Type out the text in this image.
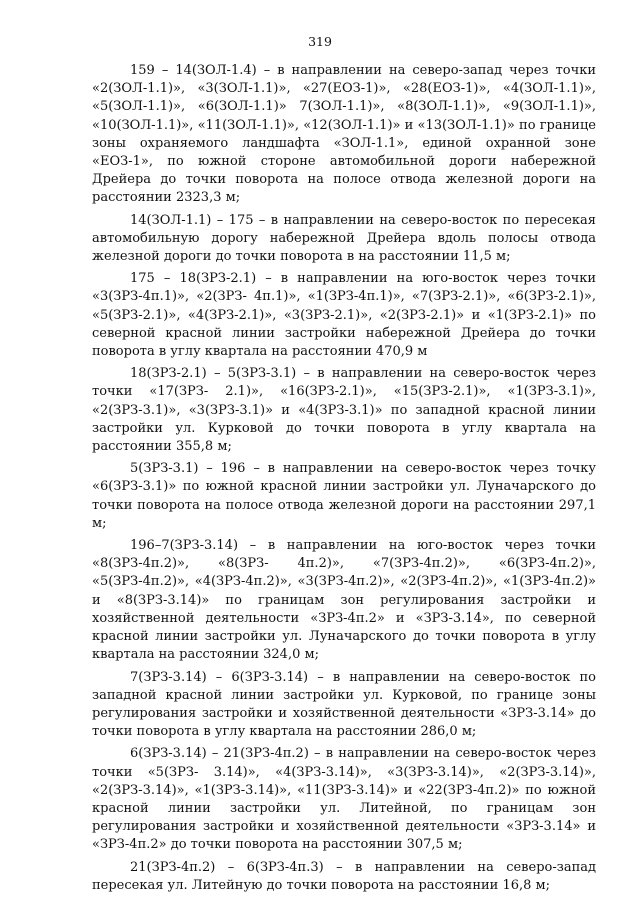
319

159 – 14(ЗОЛ-1.4) – в направлении на северо-запад через точки «2(ЗОЛ-1.1)», «3(ЗОЛ-1.1)», «27(ЕОЗ-1)», «28(ЕОЗ-1)», «4(ЗОЛ-1.1)», «5(ЗОЛ-1.1)», «6(ЗОЛ-1.1)» 7(ЗОЛ-1.1)», «8(ЗОЛ-1.1)», «9(ЗОЛ-1.1)», «10(ЗОЛ-1.1)», «11(ЗОЛ-1.1)», «12(ЗОЛ-1.1)» и «13(ЗОЛ-1.1)» по границе зоны охраняемого ландшафта «ЗОЛ-1.1», единой охранной зоне «ЕОЗ-1», по южной стороне автомобильной дороги набережной Дрейера до точки поворота на полосе отвода железной дороги на расстоянии 2323,3 м;

14(ЗОЛ-1.1) – 175 – в направлении на северо-восток по пересекая автомобильную дорогу набережной Дрейера вдоль полосы отвода железной дороги до точки поворота в на расстоянии 11,5 м;

175 – 18(ЗРЗ-2.1) – в направлении на юго-восток через точки «3(ЗРЗ-4п.1)», «2(ЗРЗ- 4п.1)», «1(ЗРЗ-4п.1)», «7(ЗРЗ-2.1)», «6(ЗРЗ-2.1)», «5(ЗРЗ-2.1)», «4(ЗРЗ-2.1)», «3(ЗРЗ-2.1)», «2(ЗРЗ-2.1)» и «1(ЗРЗ-2.1)» по северной красной линии застройки набережной Дрейера до точки поворота в углу квартала на расстоянии 470,9 м

18(ЗРЗ-2.1) – 5(ЗРЗ-3.1) – в направлении на северо-восток через точки «17(ЗРЗ- 2.1)», «16(ЗРЗ-2.1)», «15(ЗРЗ-2.1)», «1(ЗРЗ-3.1)», «2(ЗРЗ-3.1)», «3(ЗРЗ-3.1)» и «4(ЗРЗ-3.1)» по западной красной линии застройки ул. Курковой до точки поворота в углу квартала на расстоянии 355,8 м;

5(ЗРЗ-3.1) – 196 – в направлении на северо-восток через точку «6(ЗРЗ-3.1)» по южной красной линии застройки ул. Луначарского до точки поворота на полосе отвода железной дороги на расстоянии 297,1 м;

196–7(ЗРЗ-3.14) – в направлении на юго-восток через точки «8(ЗРЗ-4п.2)», «8(ЗРЗ- 4п.2)», «7(ЗРЗ-4п.2)», «6(ЗРЗ-4п.2)», «5(ЗРЗ-4п.2)», «4(ЗРЗ-4п.2)», «3(ЗРЗ-4п.2)», «2(ЗРЗ-4п.2)», «1(ЗРЗ-4п.2)» и «8(ЗРЗ-3.14)» по границам зон регулирования застройки и хозяйственной деятельности «ЗРЗ-4п.2» и «ЗРЗ-3.14», по северной красной линии застройки ул. Луначарского до точки поворота в углу квартала на расстоянии 324,0 м;

7(ЗРЗ-3.14) – 6(ЗРЗ-3.14) – в направлении на северо-восток по западной красной линии застройки ул. Курковой, по границе зоны регулирования застройки и хозяйственной деятельности «ЗРЗ-3.14» до точки поворота в углу квартала на расстоянии 286,0 м;

6(ЗРЗ-3.14) – 21(ЗРЗ-4п.2) – в направлении на северо-восток через точки «5(ЗРЗ- 3.14)», «4(ЗРЗ-3.14)», «3(ЗРЗ-3.14)», «2(ЗРЗ-3.14)», «2(ЗРЗ-3.14)», «1(ЗРЗ-3.14)», «11(ЗРЗ-3.14)» и «22(ЗРЗ-4п.2)» по южной красной линии застройки ул. Литейной, по границам зон регулирования застройки и хозяйственной деятельности «ЗРЗ-3.14» и «ЗРЗ-4п.2» до точки поворота на расстоянии 307,5 м;

21(ЗРЗ-4п.2) – 6(ЗРЗ-4п.3) – в направлении на северо-запад пересекая ул. Литейную до точки поворота на расстоянии 16,8 м;
